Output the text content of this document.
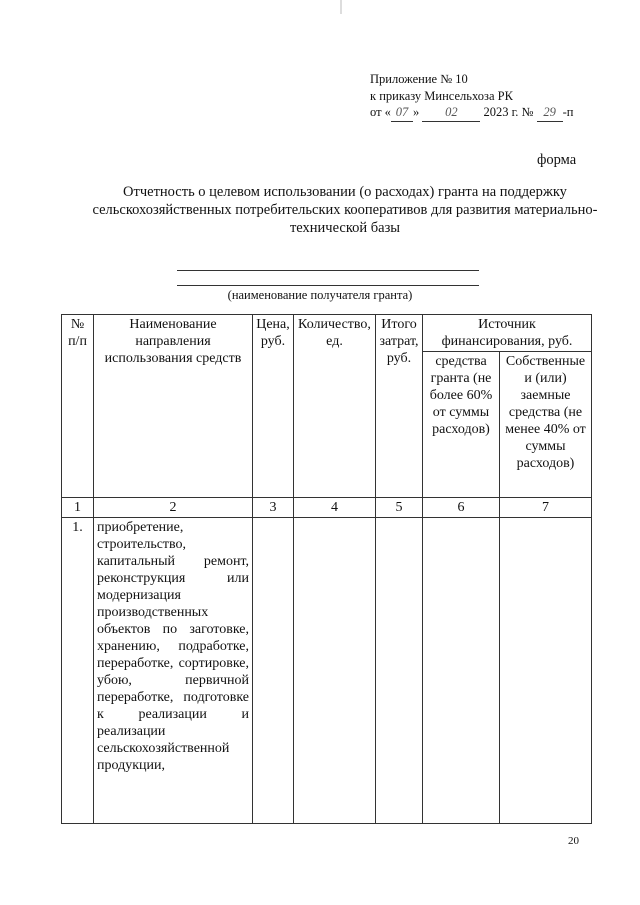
Приложение № 10
к приказу Минсельхоза РК
от « 07 » 02 2023 г. № 29 -п
форма
Отчетность о целевом использовании (о расходах) гранта на поддержку сельскохозяйственных потребительских кооперативов для развития материально-технической базы
(наименование получателя гранта)
№ п/п	Наименование направления использования средств	Цена, руб.	Количество, ед.	Итого затрат, руб.	Источник финансирования, руб.	
					средства гранта (не более 60% от суммы расходов)	Собственные и (или) заемные средства (не менее 40% от суммы расходов)
1	2	3	4	5	6	7
1.	приобретение, строительство, капитальный ремонт, реконструкция или модернизация производственных объектов по заготовке, хранению, подработке, переработке, сортировке, убою, первичной переработке, подготовке к реализации и реализации сельскохозяйственной продукции,					
20
